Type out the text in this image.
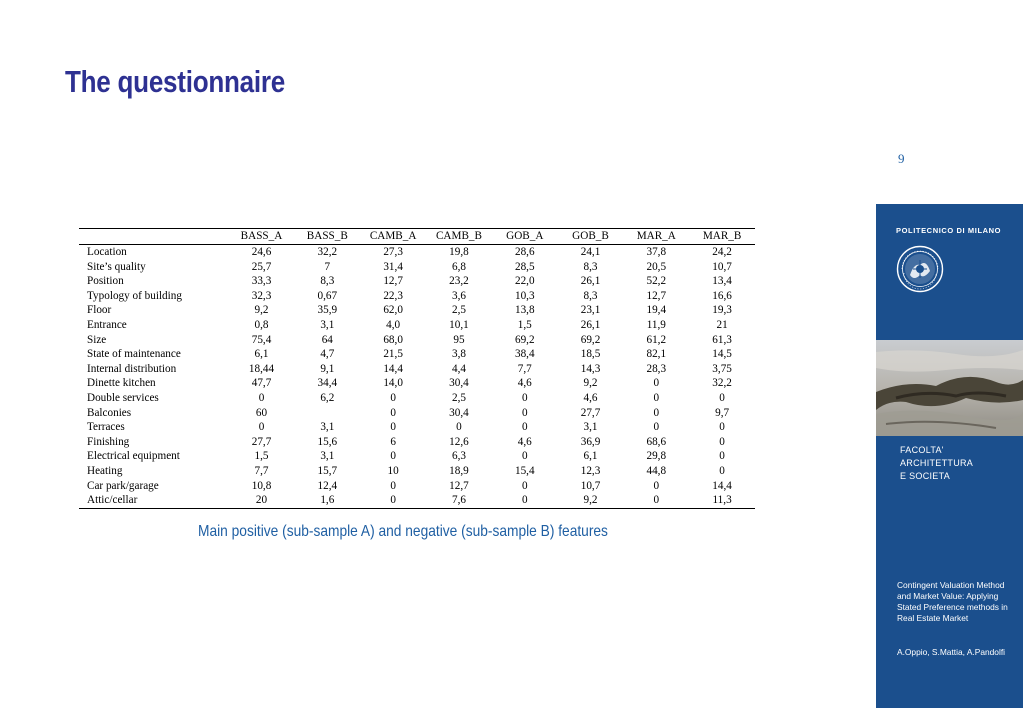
The questionnaire
9
	BASS_A	BASS_B	CAMB_A	CAMB_B	GOB_A	GOB_B	MAR_A	MAR_B
Location	24,6	32,2	27,3	19,8	28,6	24,1	37,8	24,2
Site’s quality	25,7	7	31,4	6,8	28,5	8,3	20,5	10,7
Position	33,3	8,3	12,7	23,2	22,0	26,1	52,2	13,4
Typology of building	32,3	0,67	22,3	3,6	10,3	8,3	12,7	16,6
Floor	9,2	35,9	62,0	2,5	13,8	23,1	19,4	19,3
Entrance	0,8	3,1	4,0	10,1	1,5	26,1	11,9	21
Size	75,4	64	68,0	95	69,2	69,2	61,2	61,3
State of maintenance	6,1	4,7	21,5	3,8	38,4	18,5	82,1	14,5
Internal distribution	18,44	9,1	14,4	4,4	7,7	14,3	28,3	3,75
Dinette kitchen	47,7	34,4	14,0	30,4	4,6	9,2	0	32,2
Double services	0	6,2	0	2,5	0	4,6	0	0
Balconies	60		0	30,4	0	27,7	0	9,7
Terraces	0	3,1	0	0	0	3,1	0	0
Finishing	27,7	15,6	6	12,6	4,6	36,9	68,6	0
Electrical equipment	1,5	3,1	0	6,3	0	6,1	29,8	0
Heating	7,7	15,7	10	18,9	15,4	12,3	44,8	0
Car park/garage	10,8	12,4	0	12,7	0	10,7	0	14,4
Attic/cellar	20	1,6	0	7,6	0	9,2	0	11,3
Main positive (sub-sample A) and negative (sub-sample B) features
POLITECNICO DI MILANO
FACOLTA'
ARCHITETTURA
E SOCIETA
Contingent Valuation Method and Market Value: Applying Stated Preference methods in Real Estate Market
A.Oppio, S.Mattia, A.Pandolfi
